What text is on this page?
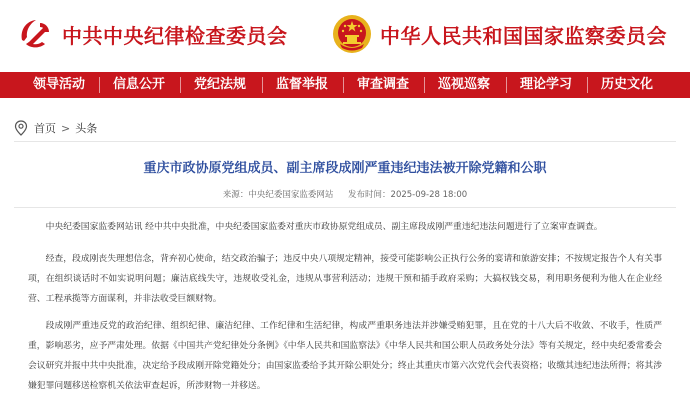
中共中央纪律检查委员会	中华人民共和国国家监察委员会
领导活动 信息公开 党纪法规 监督举报 审查调查 巡视巡察 理论学习 历史文化
首页 > 头条
重庆市政协原党组成员、副主席段成刚严重违纪违法被开除党籍和公职
来源：中央纪委国家监委网站 发布时间：2025-09-28 18:00

中央纪委国家监委网站讯 经中共中央批准，中央纪委国家监委对重庆市政协原党组成员、副主席段成刚严重违纪违法问题进行了立案审查调查。

经查，段成刚丧失理想信念，背弃初心使命，结交政治骗子；违反中央八项规定精神，接受可能影响公正执行公务的宴请和旅游安排；不按规定报告个人有关事项，在组织谈话时不如实说明问题；廉洁底线失守，违规收受礼金，违规从事营利活动；违规干预和插手政府采购；大搞权钱交易，利用职务便利为他人在企业经营、工程承揽等方面谋利，并非法收受巨额财物。

段成刚严重违反党的政治纪律、组织纪律、廉洁纪律、工作纪律和生活纪律，构成严重职务违法并涉嫌受贿犯罪，且在党的十八大后不收敛、不收手，性质严重，影响恶劣，应予严肃处理。依据《中国共产党纪律处分条例》《中华人民共和国监察法》《中华人民共和国公职人员政务处分法》等有关规定，经中央纪委常委会会议研究并报中共中央批准，决定给予段成刚开除党籍处分；由国家监委给予其开除公职处分；终止其重庆市第六次党代会代表资格；收缴其违纪违法所得；将其涉嫌犯罪问题移送检察机关依法审查起诉，所涉财物一并移送。
